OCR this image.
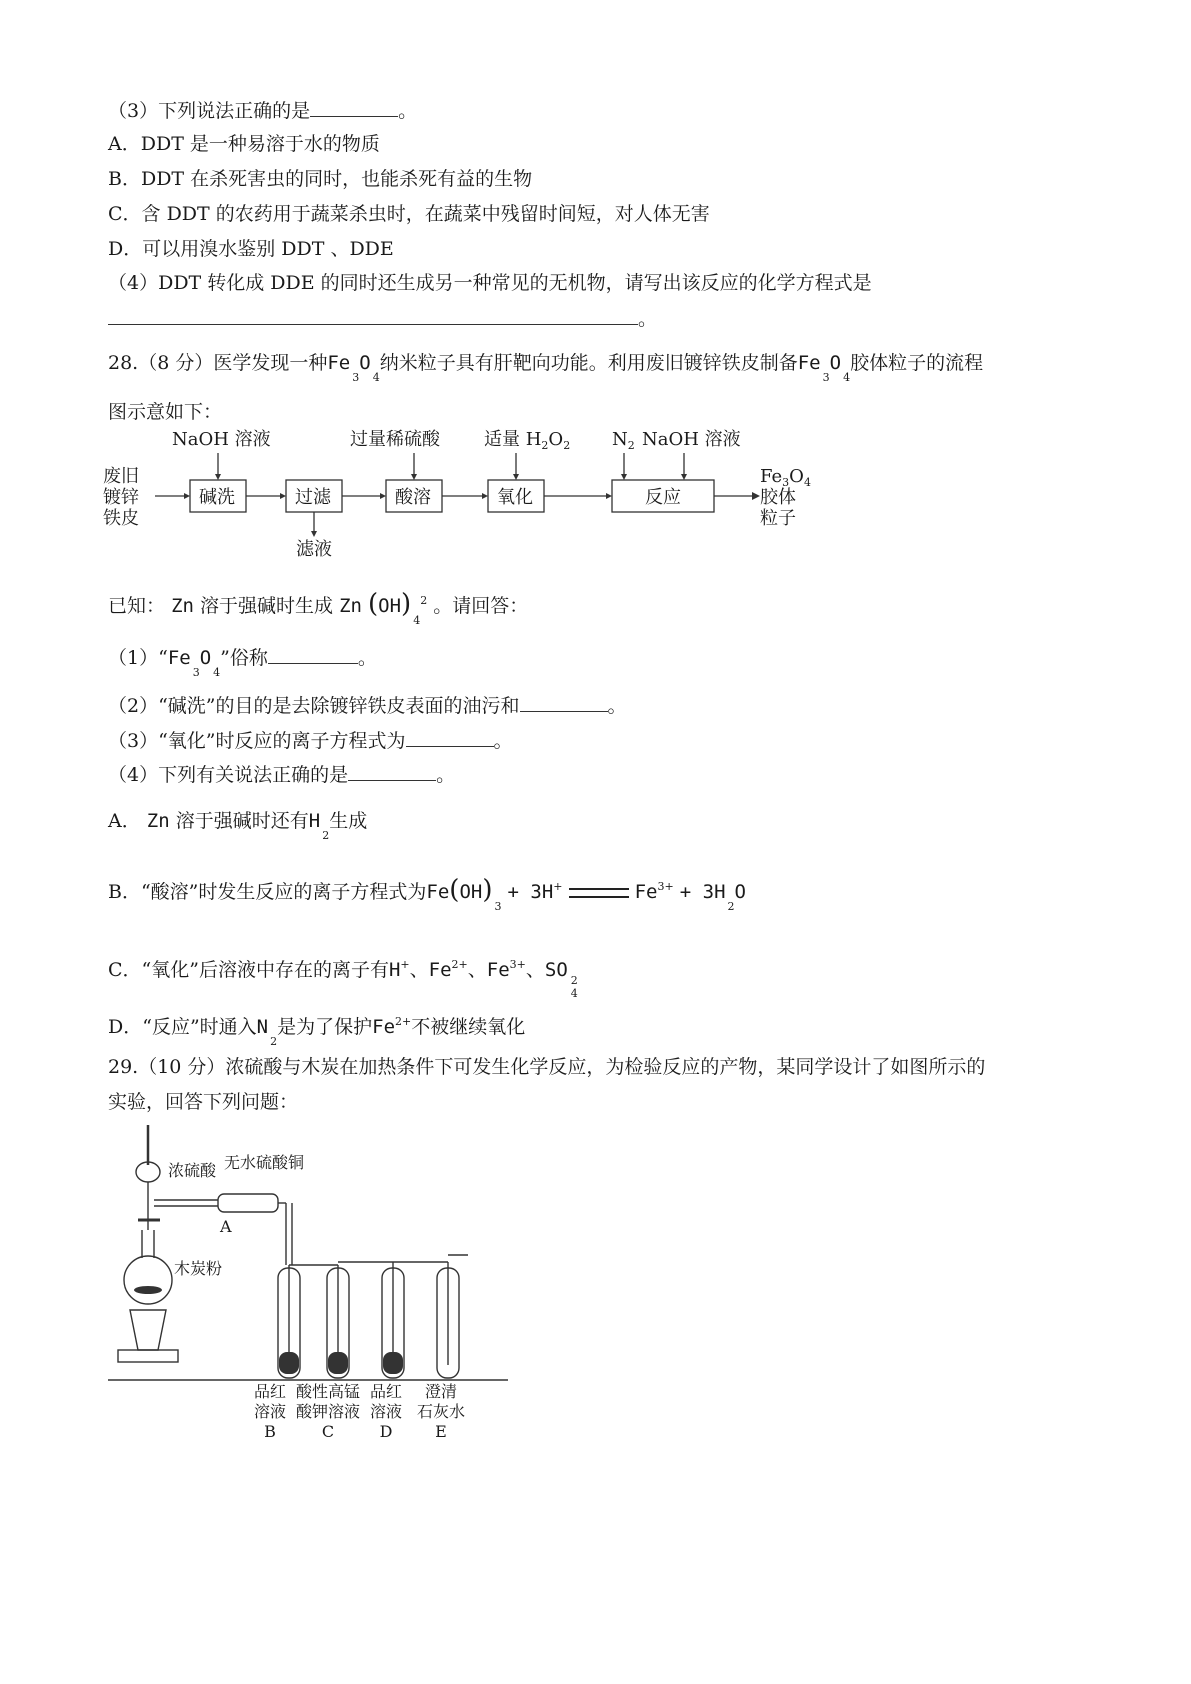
（3）下列说法正确的是	。
A．DDT 是一种易溶于水的物质
B．DDT 在杀死害虫的同时，也能杀死有益的生物
C．含 DDT 的农药用于蔬菜杀虫时，在蔬菜中残留时间短，对人体无害
D．可以用溴水鉴别 DDT 、DDE
（4）DDT 转化成 DDE 的同时还生成另一种常见的无机物，请写出该反应的化学方程式是
。
28.（8 分）医学发现一种$Fe_3O_4$纳米粒子具有肝靶向功能。利用废旧镀锌铁皮制备$Fe_3O_4$胶体粒子的流程
图示意如下：
废旧
镀锌
铁皮
NaOH 溶液
碱洗	过滤
滤液
过量稀硫酸
酸溶
适量 $H_2O_2$
氧化
$N_2$ NaOH 溶液
反应
$Fe_3O_4$
胶体
粒子
已知： Zn 溶于强碱时生成 Zn $(OH)_4^2$ 。请回答：
$(1)“Fe_3O_4$”俗称	。
（2）“碱洗”的目的是去除镀锌铁皮表面的油污和	。
（3）“氧化”时反应的离子方程式为	。
（4）下列有关说法正确的是	。
A． Zn 溶于强碱时还有$H_2$生成
B．“酸溶”时发生反应的离子方程式为$Fe(OH)_3 + 3H^+$	$Fe^{3+} + 3H_2O$
C．“氧化”后溶液中存在的离子有H+、$Fe^{2+}$、$Fe^{3+}$、SO 2
4
D．“反应”时通入$N_2$是为了保护$Fe^{2+}$不被继续氧化
29.（10 分）浓硫酸与木炭在加热条件下可发生化学反应，为检验反应的产物，某同学设计了如图所示的
实验，回答下列问题：
浓硫酸 无水硫酸铜
A
木炭粉
品红
溶液
B
酸性高锰
酸钾溶液
C
品红
溶液
D
澄清
石灰水
E
